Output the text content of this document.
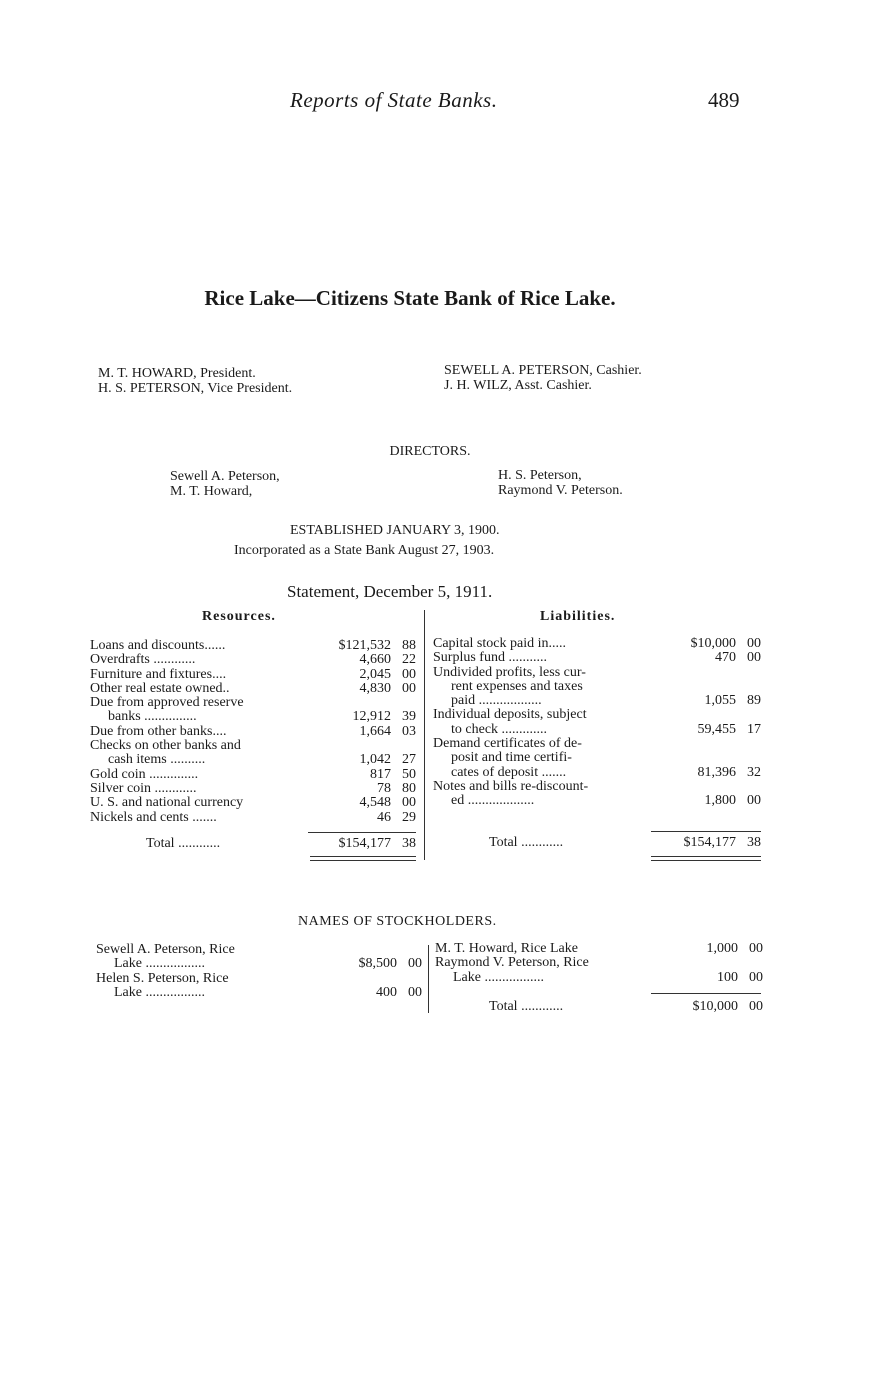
Reports of State Banks.	489
Rice Lake—Citizens State Bank of Rice Lake.
M. T. HOWARD, President.
H. S. PETERSON, Vice President.
SEWELL A. PETERSON, Cashier.
J. H. WILZ, Asst. Cashier.
DIRECTORS.
Sewell A. Peterson,
M. T. Howard,
H. S. Peterson,
Raymond V. Peterson.
ESTABLISHED JANUARY 3, 1900.
Incorporated as a State Bank August 27, 1903.
Statement, December 5, 1911.
Resources.	Liabilities.
Loans and discounts......	$121,532 88
Overdrafts ............	4,660 22
Furniture and fixtures....	2,045 00
Other real estate owned..	4,830 00
Due from approved reserve
banks ...............	12,912 39
Due from other banks....	1,664 03
Checks on other banks and
cash items ..........	1,042 27
Gold coin ..............	817 50
Silver coin ............	78 80
U. S. and national currency	4,548 00
Nickels and cents .......	46 29
Capital stock paid in.....	$10,000 00
Surplus fund ...........	470 00
Undivided profits, less cur-
rent expenses and taxes
paid ..................	1,055 89
Individual deposits, subject
to check .............	59,455 17
Demand certificates of de-
posit and time certifi-
cates of deposit .......	81,396 32
Notes and bills re-discount-
ed ...................	1,800 00
Total ............	$154,177 38	Total ............	$154,177 38
NAMES OF STOCKHOLDERS.
Sewell A. Peterson, Rice
Lake .................	$8,500 00
Helen S. Peterson, Rice
Lake .................	400 00
M. T. Howard, Rice Lake	1,000 00
Raymond V. Peterson, Rice
Lake .................	100 00
Total ............	$10,000 00
